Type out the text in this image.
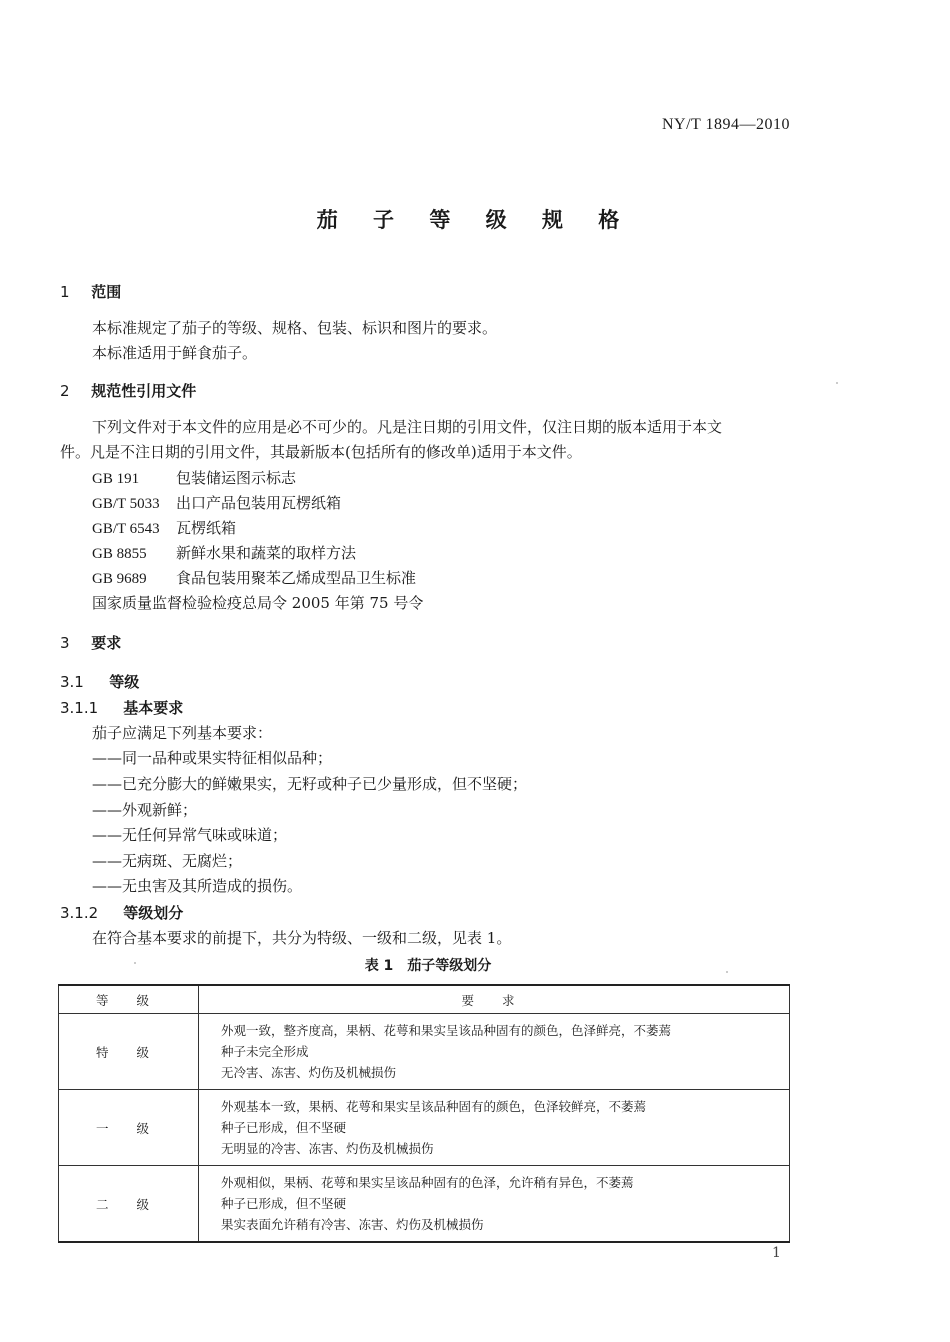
NY/T 1894—2010
茄 子 等 级 规 格
1 范围
本标准规定了茄子的等级、规格、包装、标识和图片的要求。
本标准适用于鲜食茄子。
2 规范性引用文件
下列文件对于本文件的应用是必不可少的。凡是注日期的引用文件，仅注日期的版本适用于本文
件。凡是不注日期的引用文件，其最新版本(包括所有的修改单)适用于本文件。
GB 191 包装储运图示标志
GB/T 5033 出口产品包装用瓦楞纸箱
GB/T 6543 瓦楞纸箱
GB 8855 新鲜水果和蔬菜的取样方法
GB 9689 食品包装用聚苯乙烯成型品卫生标准
国家质量监督检验检疫总局令 2005 年第 75 号令
3 要求
3.1 等级
3.1.1 基本要求
茄子应满足下列基本要求：
——同一品种或果实特征相似品种；
——已充分膨大的鲜嫩果实，无籽或种子已少量形成，但不坚硬；
——外观新鲜；
——无任何异常气味或味道；
——无病斑、无腐烂；
——无虫害及其所造成的损伤。
3.1.2 等级划分
在符合基本要求的前提下，共分为特级、一级和二级，见表 1。
表 1 茄子等级划分
等 级	要 求
特 级	外观一致，整齐度高，果柄、花萼和果实呈该品种固有的颜色，色泽鲜亮，不萎蔫
种子未完全形成
无冷害、冻害、灼伤及机械损伤

一 级	外观基本一致，果柄、花萼和果实呈该品种固有的颜色，色泽较鲜亮，不萎蔫
种子已形成，但不坚硬
无明显的冷害、冻害、灼伤及机械损伤

二 级	外观相似，果柄、花萼和果实呈该品种固有的色泽，允许稍有异色，不萎蔫
种子已形成，但不坚硬
果实表面允许稍有冷害、冻害、灼伤及机械损伤
1
